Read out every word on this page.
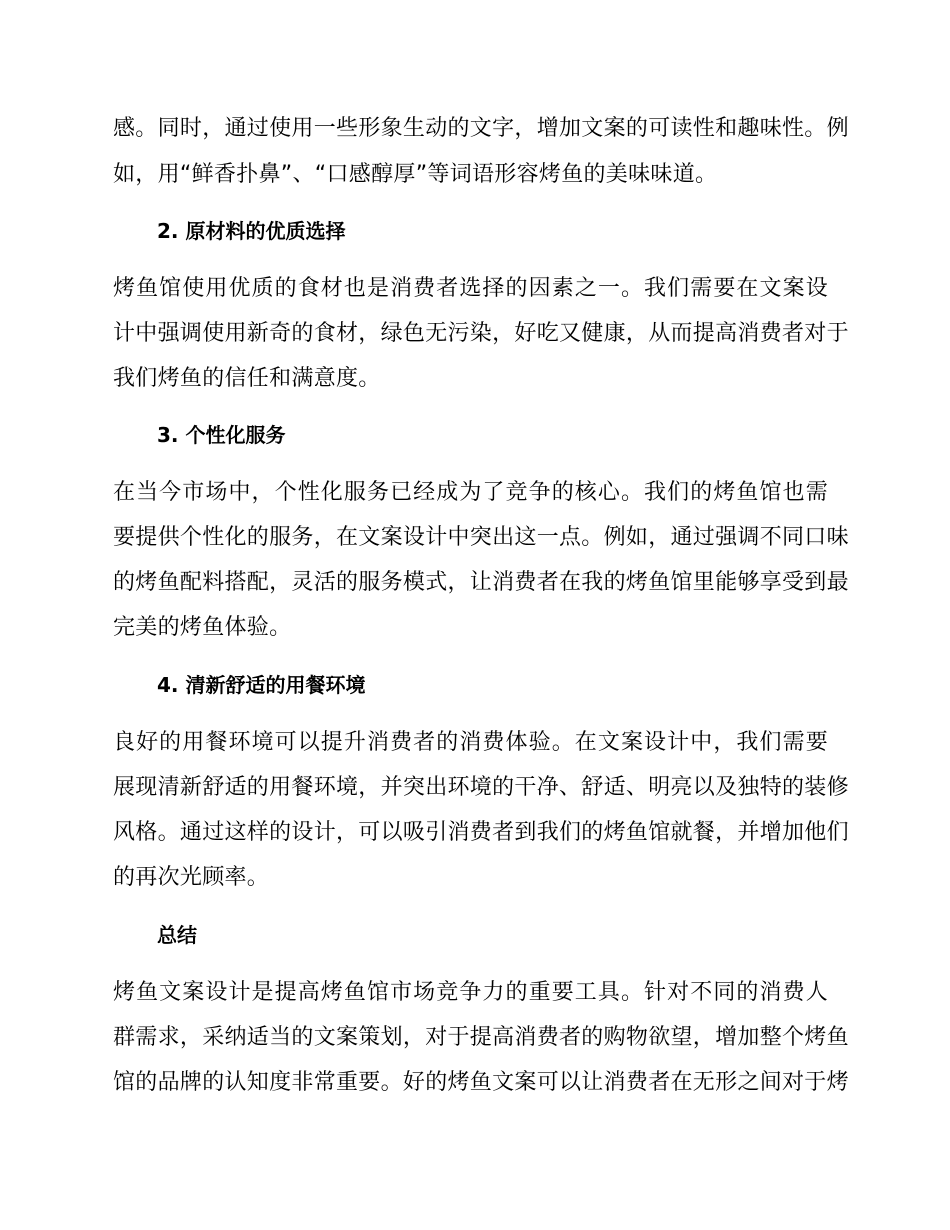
感。同时，通过使用一些形象生动的文字，增加文案的可读性和趣味性。例
如，用“鲜香扑鼻”、“口感醇厚”等词语形容烤鱼的美味味道。
2. 原材料的优质选择
烤鱼馆使用优质的食材也是消费者选择的因素之一。我们需要在文案设
计中强调使用新奇的食材，绿色无污染，好吃又健康，从而提高消费者对于
我们烤鱼的信任和满意度。
3. 个性化服务
在当今市场中，个性化服务已经成为了竞争的核心。我们的烤鱼馆也需
要提供个性化的服务，在文案设计中突出这一点。例如，通过强调不同口味
的烤鱼配料搭配，灵活的服务模式，让消费者在我的烤鱼馆里能够享受到最
完美的烤鱼体验。
4. 清新舒适的用餐环境
良好的用餐环境可以提升消费者的消费体验。在文案设计中，我们需要
展现清新舒适的用餐环境，并突出环境的干净、舒适、明亮以及独特的装修
风格。通过这样的设计，可以吸引消费者到我们的烤鱼馆就餐，并增加他们
的再次光顾率。
总结
烤鱼文案设计是提高烤鱼馆市场竞争力的重要工具。针对不同的消费人
群需求，采纳适当的文案策划，对于提高消费者的购物欲望，增加整个烤鱼
馆的品牌的认知度非常重要。好的烤鱼文案可以让消费者在无形之间对于烤
